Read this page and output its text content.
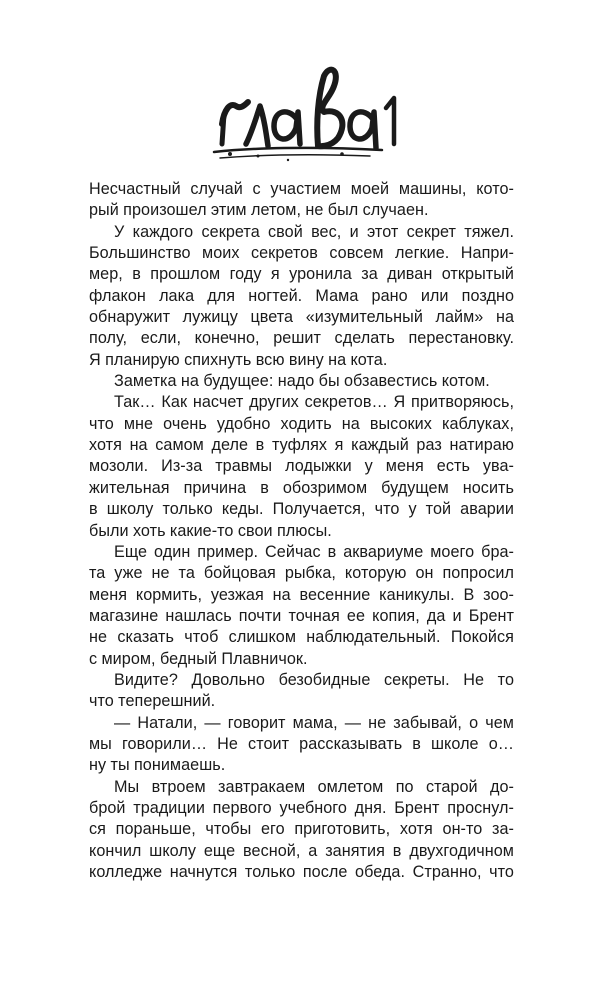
Несчастный случай с участием моей машины, кото-
рый произошел этим летом, не был случаен.
У каждого секрета свой вес, и этот секрет тяжел.
Большинство моих секретов совсем легкие. Напри-
мер, в прошлом году я уронила за диван открытый
флакон лака для ногтей. Мама рано или поздно
обнаружит лужицу цвета «изумительный лайм» на
полу, если, конечно, решит сделать перестановку.
Я планирую спихнуть всю вину на кота.
Заметка на будущее: надо бы обзавестись котом.
Так… Как насчет других секретов… Я притворяюсь,
что мне очень удобно ходить на высоких каблуках,
хотя на самом деле в туфлях я каждый раз натираю
мозоли. Из-за травмы лодыжки у меня есть ува-
жительная причина в обозримом будущем носить
в школу только кеды. Получается, что у той аварии
были хоть какие-то свои плюсы.
Еще один пример. Сейчас в аквариуме моего бра-
та уже не та бойцовая рыбка, которую он попросил
меня кормить, уезжая на весенние каникулы. В зоо-
магазине нашлась почти точная ее копия, да и Брент
не сказать чтоб слишком наблюдательный. Покойся
с миром, бедный Плавничок.
Видите? Довольно безобидные секреты. Не то
что теперешний.
— Натали, — говорит мама, — не забывай, о чем
мы говорили… Не стоит рассказывать в школе о…
ну ты понимаешь.
Мы втроем завтракаем омлетом по старой до-
брой традиции первого учебного дня. Брент проснул-
ся пораньше, чтобы его приготовить, хотя он-то за-
кончил школу еще весной, а занятия в двухгодичном
колледже начнутся только после обеда. Странно, что
